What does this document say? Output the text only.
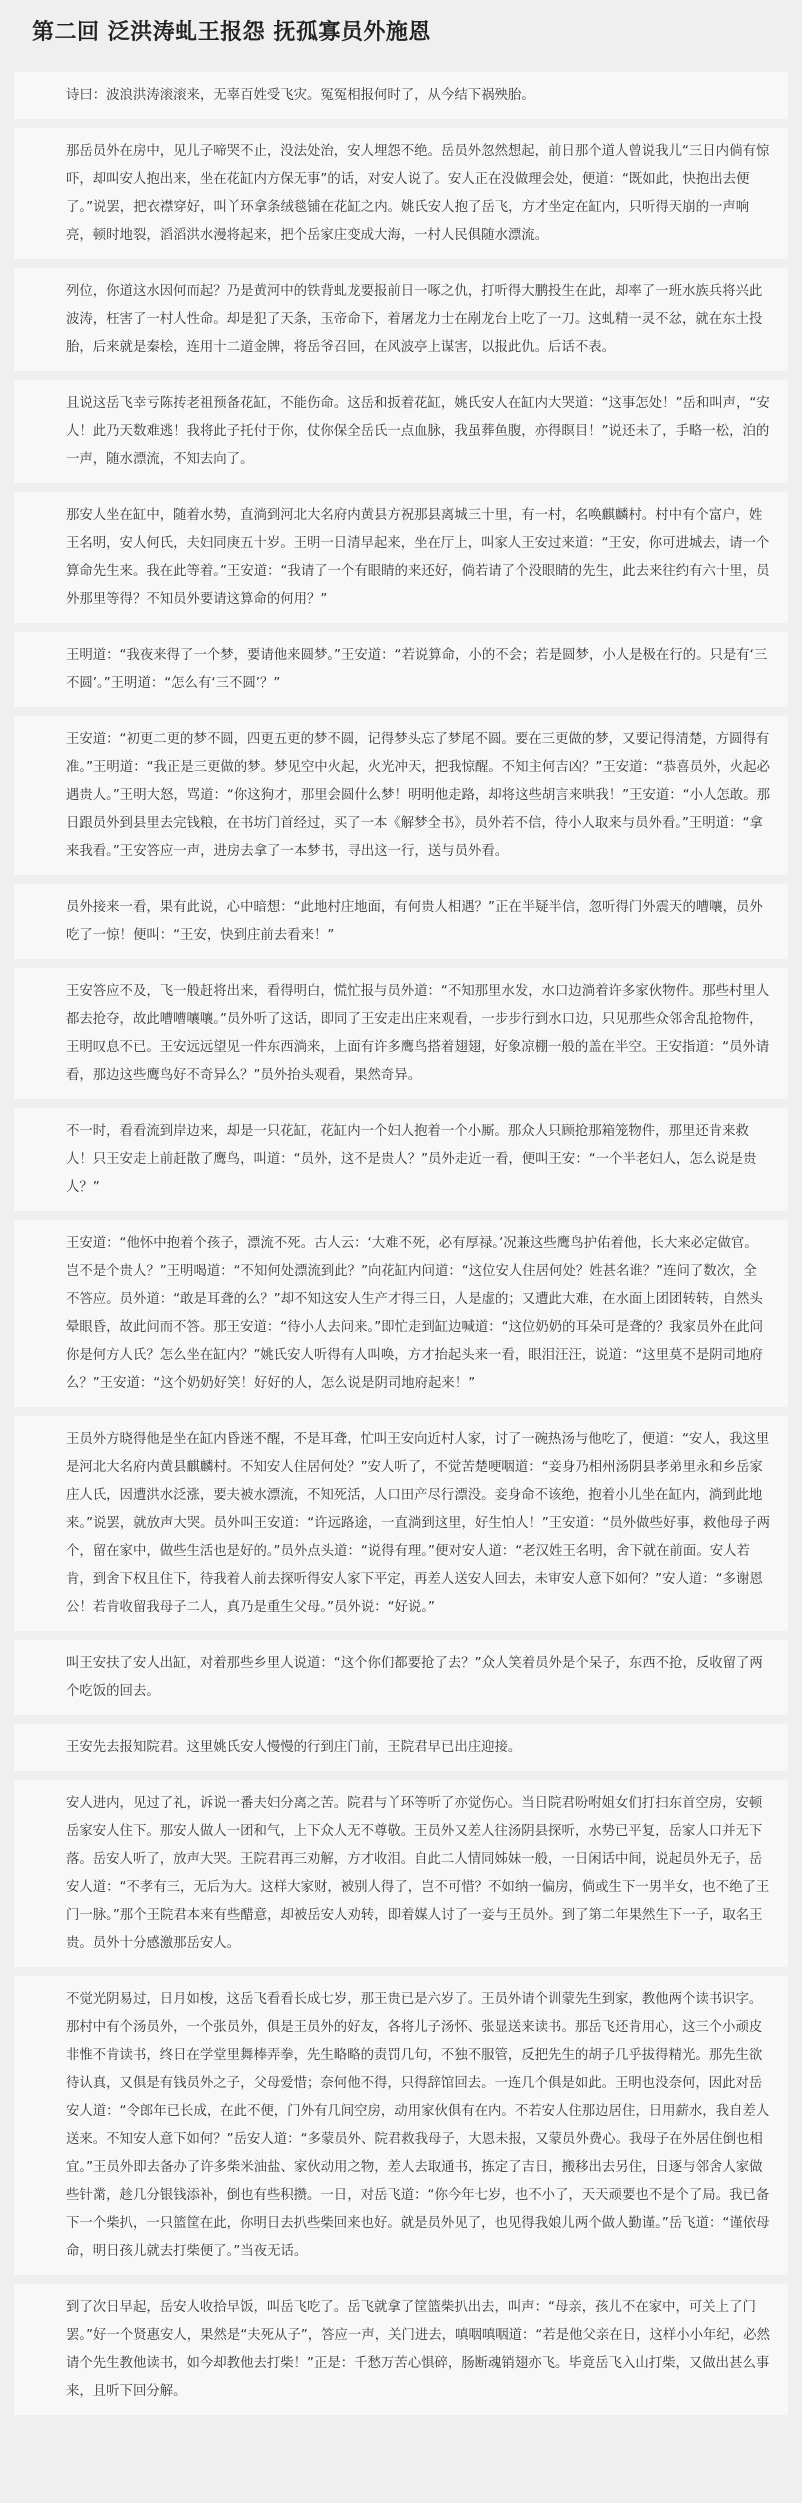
第二回 泛洪涛虬王报怨 抚孤寡员外施恩

诗曰：波浪洪涛滚滚来，无辜百姓受飞灾。冤冤相报何时了，从今结下祸殃胎。

那岳员外在房中，见儿子啼哭不止，没法处治，安人埋怨不绝。岳员外忽然想起，前日那个道人曾说我儿“三日内倘有惊吓，却叫安人抱出来，坐在花缸内方保无事”的话，对安人说了。安人正在没做理会处，便道：“既如此，快抱出去便了。”说罢，把衣襟穿好，叫丫环拿条绒毯铺在花缸之内。姚氏安人抱了岳飞，方才坐定在缸内，只听得天崩的一声响亮，顿时地裂，滔滔洪水漫将起来，把个岳家庄变成大海，一村人民俱随水漂流。

列位，你道这水因何而起？乃是黄河中的铁背虬龙要报前日一啄之仇，打听得大鹏投生在此，却率了一班水族兵将兴此波涛，枉害了一村人性命。却是犯了天条，玉帝命下，着屠龙力士在剐龙台上吃了一刀。这虬精一灵不忿，就在东土投胎，后来就是秦桧，连用十二道金牌，将岳爷召回，在风波亭上谋害，以报此仇。后话不表。

且说这岳飞幸亏陈抟老祖预备花缸，不能伤命。这岳和扳着花缸，姚氏安人在缸内大哭道：“这事怎处！”岳和叫声，“安人！此乃天数难逃！我将此子托付于你，仗你保全岳氏一点血脉，我虽葬鱼腹，亦得瞑目！”说还未了，手略一松，泊的一声，随水漂流，不知去向了。

那安人坐在缸中，随着水势，直淌到河北大名府内黄县方祝那县离城三十里，有一村，名唤麒麟村。村中有个富户，姓王名明，安人何氏，夫妇同庚五十岁。王明一日清早起来，坐在厅上，叫家人王安过来道：“王安，你可进城去，请一个算命先生来。我在此等着。”王安道：“我请了一个有眼睛的来还好，倘若请了个没眼睛的先生，此去来往约有六十里，员外那里等得？不知员外要请这算命的何用？”

王明道：“我夜来得了一个梦，要请他来圆梦。”王安道：“若说算命，小的不会；若是圆梦，小人是极在行的。只是有‘三不圆’。”王明道：“怎么有‘三不圆’？”

王安道：“初更二更的梦不圆，四更五更的梦不圆，记得梦头忘了梦尾不圆。要在三更做的梦，又要记得清楚，方圆得有准。”王明道：“我正是三更做的梦。梦见空中火起，火光冲天，把我惊醒。不知主何吉凶？”王安道：“恭喜员外，火起必遇贵人。”王明大怒，骂道：“你这狗才，那里会圆什么梦！明明他走路，却将这些胡言来哄我！”王安道：“小人怎敢。那日跟员外到县里去完钱粮，在书坊门首经过，买了一本《解梦全书》，员外若不信，待小人取来与员外看。”王明道：“拿来我看。”王安答应一声，进房去拿了一本梦书，寻出这一行，送与员外看。

员外接来一看，果有此说，心中暗想：“此地村庄地面，有何贵人相遇？”正在半疑半信，忽听得门外震天的嘈嚷，员外吃了一惊！便叫：“王安，快到庄前去看来！”

王安答应不及，飞一般赶将出来，看得明白，慌忙报与员外道：“不知那里水发，水口边淌着许多家伙物件。那些村里人都去抢夺，故此嘈嘈嚷嚷。”员外听了这话，即同了王安走出庄来观看，一步步行到水口边，只见那些众邻舍乱抢物件，王明叹息不已。王安远远望见一件东西淌来，上面有许多鹰鸟搭着翅翅，好象凉棚一般的盖在半空。王安指道：“员外请看，那边这些鹰鸟好不奇异么？”员外抬头观看，果然奇异。

不一时，看看流到岸边来，却是一只花缸，花缸内一个妇人抱着一个小厮。那众人只顾抢那箱笼物件，那里还肯来救人！只王安走上前赶散了鹰鸟，叫道：“员外，这不是贵人？”员外走近一看，便叫王安：“一个半老妇人，怎么说是贵人？”

王安道：“他怀中抱着个孩子，漂流不死。古人云：‘大难不死，必有厚禄。’况兼这些鹰鸟护佑着他，长大来必定做官。岂不是个贵人？”王明喝道：“不知何处漂流到此？”向花缸内问道：“这位安人住居何处？姓甚名谁？”连问了数次，全不答应。员外道：“敢是耳聋的么？”却不知这安人生产才得三日，人是虚的；又遭此大难，在水面上团团转转，自然头晕眼昏，故此问而不答。那王安道：“待小人去问来。”即忙走到缸边喊道：“这位奶奶的耳朵可是聋的？我家员外在此问你是何方人氏？怎么坐在缸内？”姚氏安人听得有人叫唤，方才抬起头来一看，眼泪汪汪，说道：“这里莫不是阴司地府么？”王安道：“这个奶奶好笑！好好的人，怎么说是阴司地府起来！”

王员外方晓得他是坐在缸内昏迷不醒，不是耳聋，忙叫王安向近村人家，讨了一碗热汤与他吃了，便道：“安人，我这里是河北大名府内黄县麒麟村。不知安人住居何处？”安人听了，不觉苦楚哽咽道：“妾身乃相州汤阴县孝弟里永和乡岳家庄人氏，因遭洪水泛涨，要夫被水漂流，不知死活，人口田产尽行漂没。妾身命不该绝，抱着小儿坐在缸内，淌到此地来。”说罢，就放声大哭。员外叫王安道：“许远路途，一直淌到这里，好生怕人！”王安道：“员外做些好事，救他母子两个，留在家中，做些生活也是好的。”员外点头道：“说得有理。”便对安人道：“老汉姓王名明，舍下就在前面。安人若肯，到舍下权且住下，待我着人前去探听得安人家下平定，再差人送安人回去，未审安人意下如何？”安人道：“多谢恩公！若肯收留我母子二人，真乃是重生父母。”员外说：“好说。”

叫王安扶了安人出缸，对着那些乡里人说道：“这个你们都要抢了去？”众人笑着员外是个呆子，东西不抢，反收留了两个吃饭的回去。

王安先去报知院君。这里姚氏安人慢慢的行到庄门前，王院君早已出庄迎接。

安人进内，见过了礼，诉说一番夫妇分离之苦。院君与丫环等听了亦觉伤心。当日院君吩咐姐女们打扫东首空房，安顿岳家安人住下。那安人做人一团和气，上下众人无不尊敬。王员外又差人往汤阴县探听，水势已平复，岳家人口并无下落。岳安人听了，放声大哭。王院君再三劝解，方才收泪。自此二人情同姊妹一般，一日闲话中间，说起员外无子，岳安人道：“不孝有三，无后为大。这样大家财，被别人得了，岂不可惜？不如纳一偏房，倘或生下一男半女，也不绝了王门一脉。”那个王院君本来有些醋意，却被岳安人劝转，即着媒人讨了一妾与王员外。到了第二年果然生下一子，取名王贵。员外十分感激那岳安人。

不觉光阴易过，日月如梭，这岳飞看看长成七岁，那王贵已是六岁了。王员外请个训蒙先生到家，教他两个读书识字。那村中有个汤员外，一个张员外，俱是王员外的好友，各将儿子汤怀、张显送来读书。那岳飞还肯用心，这三个小顽皮非惟不肯读书，终日在学堂里舞棒弄拳，先生略略的责罚几句，不独不服管，反把先生的胡子几乎拔得精光。那先生欲待认真，又俱是有钱员外之子，父母爱惜；奈何他不得，只得辞馆回去。一连几个俱是如此。王明也没奈何，因此对岳安人道：“令郎年已长成，在此不便，门外有几间空房，动用家伙俱有在内。不若安人住那边居住，日用薪水，我自差人送来。不知安人意下如何？”岳安人道：“多蒙员外、院君救我母子，大恩未报，又蒙员外费心。我母子在外居住倒也相宜。”王员外即去备办了许多柴米油盐、家伙动用之物，差人去取通书，拣定了吉日，搬移出去另住，日逐与邻舍人家做些针黹，趁几分银钱添补，倒也有些积攒。一日，对岳飞道：“你今年七岁，也不小了，天天顽要也不是个了局。我已备下一个柴扒，一只篮筐在此，你明日去扒些柴回来也好。就是员外见了，也见得我娘儿两个做人勤谨。”岳飞道：“谨依母命，明日孩儿就去打柴便了。”当夜无话。

到了次日早起，岳安人收拾早饭，叫岳飞吃了。岳飞就拿了筐篮柴扒出去，叫声：“母亲，孩儿不在家中，可关上了门罢。”好一个贤惠安人，果然是“夫死从子”，答应一声，关门进去，嗔咽嗔咽道：“若是他父亲在日，这样小小年纪，必然请个先生教他读书，如今却教他去打柴！”正是：千愁万苦心惧碎，肠断魂销翅亦飞。毕竟岳飞入山打柴，又做出甚么事来，且听下回分解。
